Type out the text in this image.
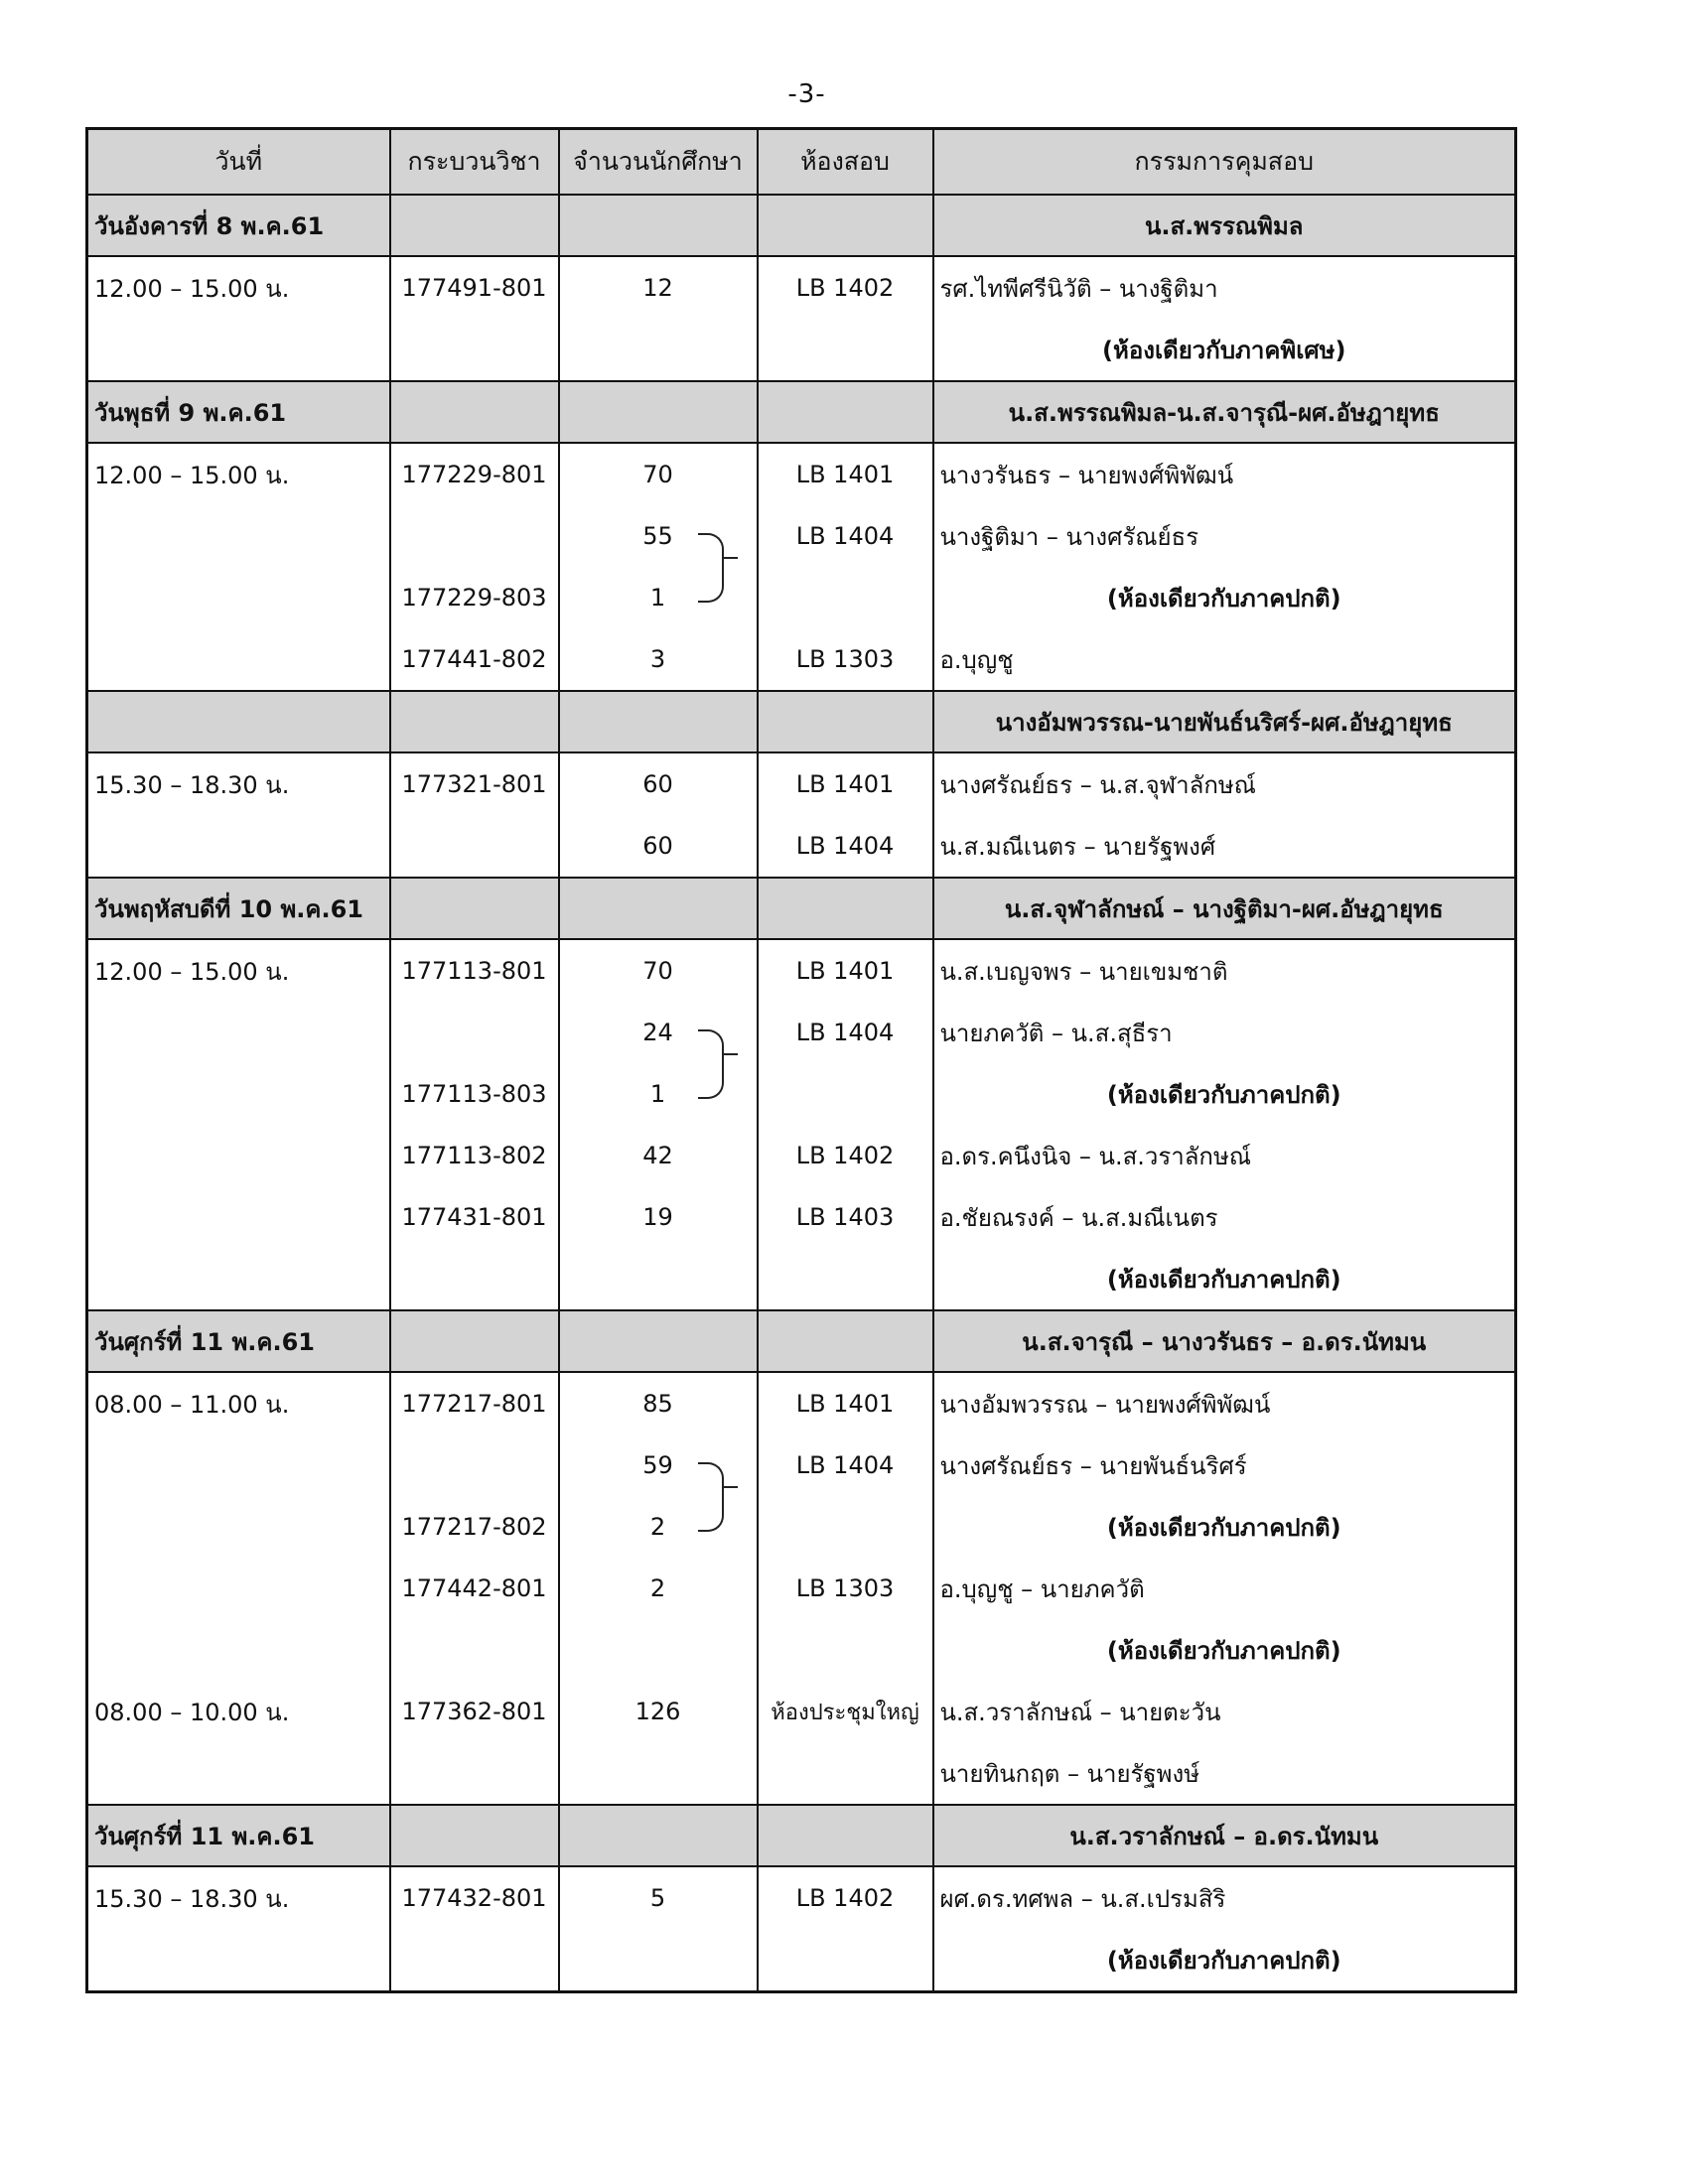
-3-
วันที่	กระบวนวิชา	จำนวนนักศึกษา	ห้องสอบ	กรรมการคุมสอบ
วันอังคารที่ 8 พ.ค.61				น.ส.พรรณพิมล
12.00 – 15.00 น.	177491-801	12	LB 1402	รศ.ไทพีศรีนิวัติ – นางฐิติมา
				(ห้องเดียวกับภาคพิเศษ)
วันพุธที่ 9 พ.ค.61				น.ส.พรรณพิมล-น.ส.จารุณี-ผศ.อัษฎายุทธ
12.00 – 15.00 น.	177229-801	70	LB 1401	นางวรันธร – นายพงศ์พิพัฒน์
		55	LB 1404	นางฐิติมา – นางศรัณย์ธร
	177229-803	1		(ห้องเดียวกับภาคปกติ)
	177441-802	3	LB 1303	อ.บุญชู
				นางอัมพวรรณ-นายพันธ์นริศร์-ผศ.อัษฎายุทธ
15.30 – 18.30 น.	177321-801	60	LB 1401	นางศรัณย์ธร – น.ส.จุฬาลักษณ์
		60	LB 1404	น.ส.มณีเนตร – นายรัฐพงศ์
วันพฤหัสบดีที่ 10 พ.ค.61				น.ส.จุฬาลักษณ์ – นางฐิติมา-ผศ.อัษฎายุทธ
12.00 – 15.00 น.	177113-801	70	LB 1401	น.ส.เบญจพร – นายเขมชาติ
		24	LB 1404	นายภควัติ – น.ส.สุธีรา
	177113-803	1		(ห้องเดียวกับภาคปกติ)
	177113-802	42	LB 1402	อ.ดร.คนึงนิจ – น.ส.วราลักษณ์
	177431-801	19	LB 1403	อ.ชัยณรงค์ – น.ส.มณีเนตร
				(ห้องเดียวกับภาคปกติ)
วันศุกร์ที่ 11 พ.ค.61				น.ส.จารุณี – นางวรันธร – อ.ดร.นัทมน
08.00 – 11.00 น.	177217-801	85	LB 1401	นางอัมพวรรณ – นายพงศ์พิพัฒน์
		59	LB 1404	นางศรัณย์ธร – นายพันธ์นริศร์
	177217-802	2		(ห้องเดียวกับภาคปกติ)
	177442-801	2	LB 1303	อ.บุญชู – นายภควัติ
				(ห้องเดียวกับภาคปกติ)
08.00 – 10.00 น.	177362-801	126	ห้องประชุมใหญ่	น.ส.วราลักษณ์ – นายตะวัน
				นายทินกฤต – นายรัฐพงษ์
วันศุกร์ที่ 11 พ.ค.61				น.ส.วราลักษณ์ – อ.ดร.นัทมน
15.30 – 18.30 น.	177432-801	5	LB 1402	ผศ.ดร.ทศพล – น.ส.เปรมสิริ
				(ห้องเดียวกับภาคปกติ)
